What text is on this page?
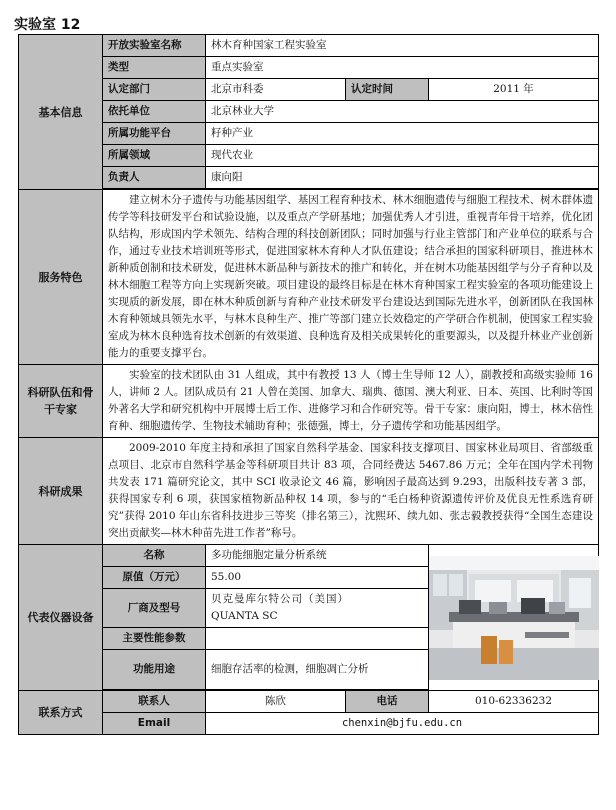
实验室 12
基本信息	开放实验室名称	林木育种国家工程实验室		
	类型	重点实验室		
	认定部门	北京市科委	认定时间	2011 年
	依托单位	北京林业大学		
	所属功能平台	籽种产业		
	所属领域	现代农业		
	负责人	康向阳		

服务特色	建立树木分子遗传与功能基因组学、基因工程育种技术、林木细胞遗传与细胞工程技术、树木群体遗传学等科技研发平台和试验设施，以及重点产学研基地；加强优秀人才引进，重视青年骨干培养，优化团队结构，形成国内学术领先、结构合理的科技创新团队；同时加强与行业主管部门和产业单位的联系与合作，通过专业技术培训班等形式，促进国家林木育种人才队伍建设；结合承担的国家科研项目，推进林木新种质创制和技术研发，促进林木新品种与新技术的推广和转化，并在树木功能基因组学与分子育种以及林木细胞工程等方向上实现新突破。项目建设的最终目标是在林木育种国家工程实验室的各项功能建设上实现质的新发展，即在林木种质创新与育种产业技术研发平台建设达到国际先进水平，创新团队在我国林木育种领域具领先水平，与林木良种生产、推广等部门建立长效稳定的产学研合作机制，使国家工程实验室成为林木良种选育技术创新的有效渠道、良种选育及相关成果转化的重要源头，以及提升林业产业创新能力的重要支撑平台。			

科研队伍和骨干专家	实验室的技术团队由 31 人组成，其中有教授 13 人（博士生导师 12 人），副教授和高级实验师 16 人，讲师 2 人。团队成员有 21 人曾在美国、加拿大、瑞典、德国、澳大利亚、日本、英国、比利时等国外著名大学和研究机构中开展博士后工作、进修学习和合作研究等。骨干专家：康向阳，博士，林木倍性育种、细胞遗传学、生物技术辅助育种；张德强，博士，分子遗传学和功能基因组学。			

科研成果	2009-2010 年度主持和承担了国家自然科学基金、国家科技支撑项目、国家林业局项目、省部级重点项目、北京市自然科学基金等科研项目共计 83 项，合同经费达 5467.86 万元；全年在国内学术刊物共发表 171 篇研究论文，其中 SCI 收录论文 46 篇，影响因子最高达到 9.293，出版科技专著 3 部，获得国家专利 6 项，获国家植物新品种权 14 项，参与的“毛白杨种资源遗传评价及优良无性系选育研究”获得 2010 年山东省科技进步三等奖（排名第三），沈熙环、续九如、张志毅教授获得“全国生态建设突出贡献奖—林木种苗先进工作者”称号。			

代表仪器设备	名称	多功能细胞定量分析系统	

	原值（万元）	55.00		
	厂商及型号	贝克曼库尔特公司（美国）
QUANTA SC		

	主要性能参数			
	功能用途	细胞存活率的检测，细胞凋亡分析		

联系方式	联系人	陈欣	电话	010-62336232
	Email	chenxin@bjfu.edu.cn		
